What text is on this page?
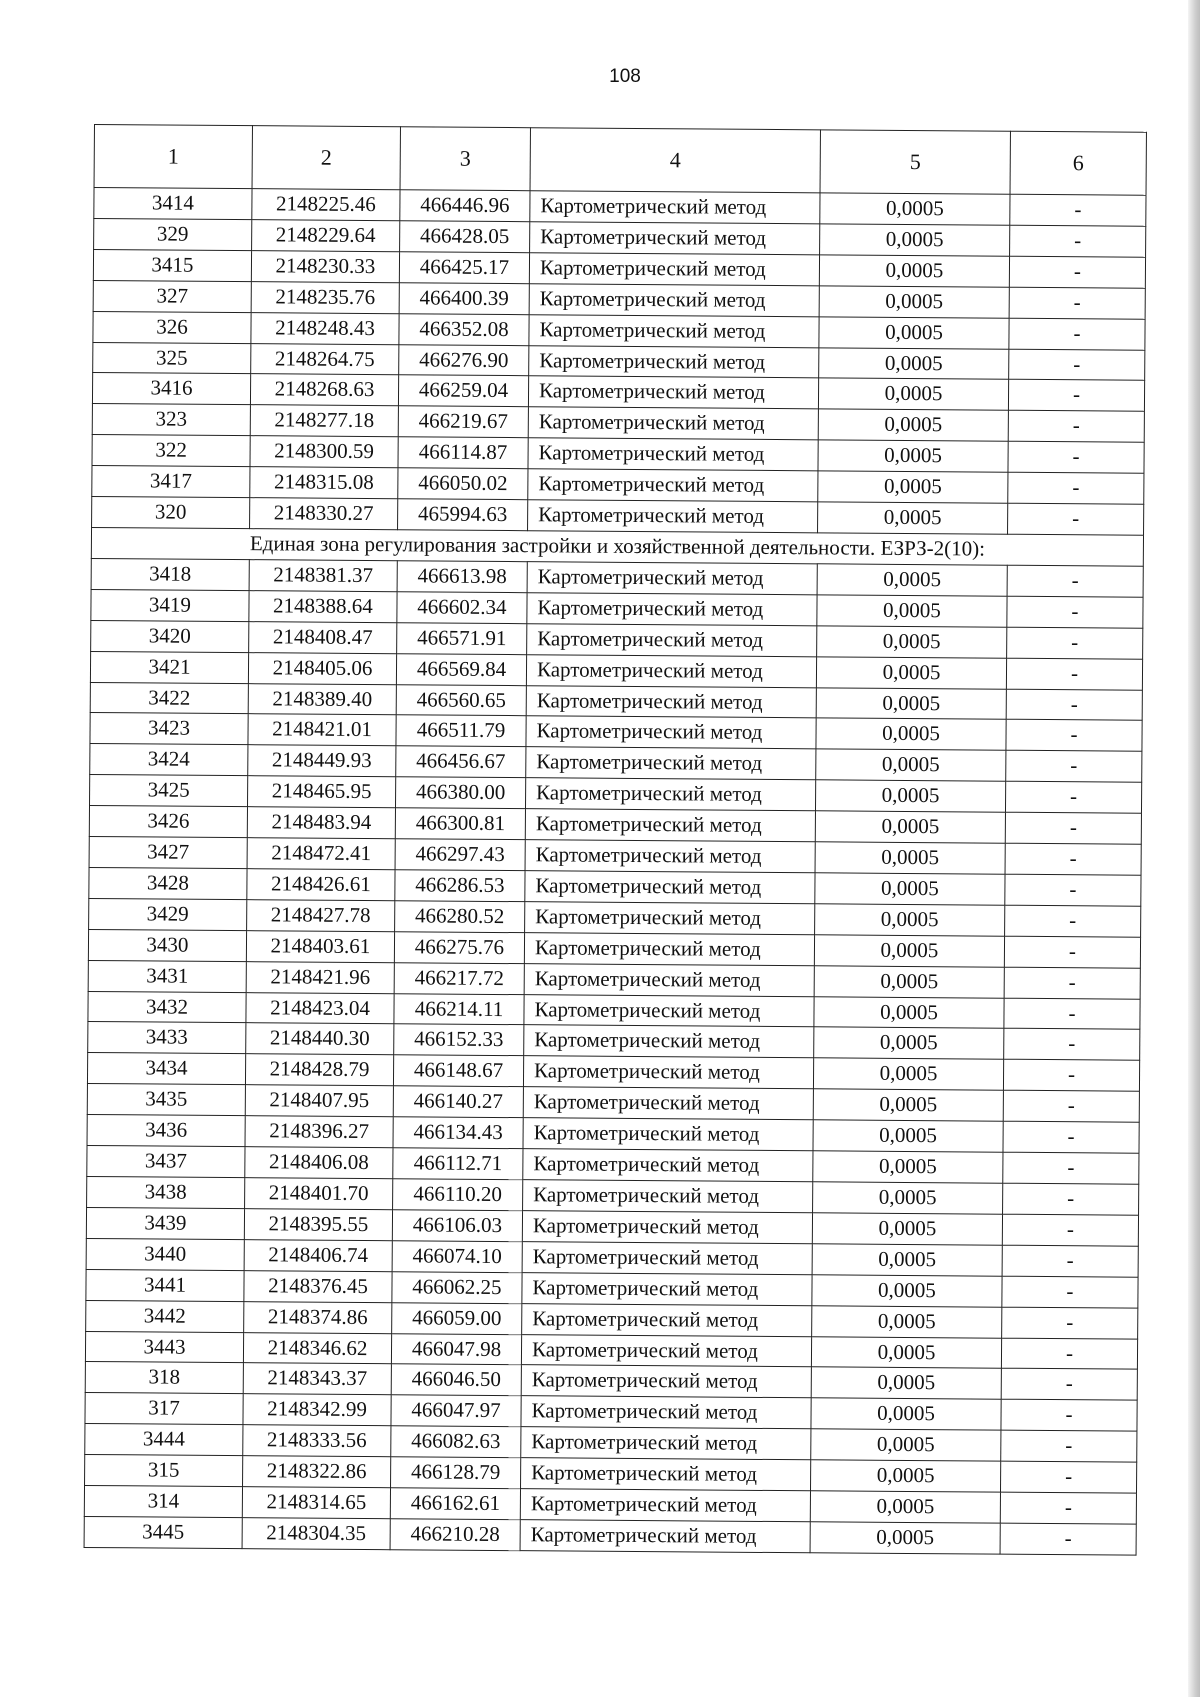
108
1	2	3	4	5	6
3414	2148225.46	466446.96	Картометрический метод	0,0005	-
329	2148229.64	466428.05	Картометрический метод	0,0005	-
3415	2148230.33	466425.17	Картометрический метод	0,0005	-
327	2148235.76	466400.39	Картометрический метод	0,0005	-
326	2148248.43	466352.08	Картометрический метод	0,0005	-
325	2148264.75	466276.90	Картометрический метод	0,0005	-
3416	2148268.63	466259.04	Картометрический метод	0,0005	-
323	2148277.18	466219.67	Картометрический метод	0,0005	-
322	2148300.59	466114.87	Картометрический метод	0,0005	-
3417	2148315.08	466050.02	Картометрический метод	0,0005	-
320	2148330.27	465994.63	Картометрический метод	0,0005	-
Единая зона регулирования застройки и хозяйственной деятельности. ЕЗРЗ-2(10):					
3418	2148381.37	466613.98	Картометрический метод	0,0005	-
3419	2148388.64	466602.34	Картометрический метод	0,0005	-
3420	2148408.47	466571.91	Картометрический метод	0,0005	-
3421	2148405.06	466569.84	Картометрический метод	0,0005	-
3422	2148389.40	466560.65	Картометрический метод	0,0005	-
3423	2148421.01	466511.79	Картометрический метод	0,0005	-
3424	2148449.93	466456.67	Картометрический метод	0,0005	-
3425	2148465.95	466380.00	Картометрический метод	0,0005	-
3426	2148483.94	466300.81	Картометрический метод	0,0005	-
3427	2148472.41	466297.43	Картометрический метод	0,0005	-
3428	2148426.61	466286.53	Картометрический метод	0,0005	-
3429	2148427.78	466280.52	Картометрический метод	0,0005	-
3430	2148403.61	466275.76	Картометрический метод	0,0005	-
3431	2148421.96	466217.72	Картометрический метод	0,0005	-
3432	2148423.04	466214.11	Картометрический метод	0,0005	-
3433	2148440.30	466152.33	Картометрический метод	0,0005	-
3434	2148428.79	466148.67	Картометрический метод	0,0005	-
3435	2148407.95	466140.27	Картометрический метод	0,0005	-
3436	2148396.27	466134.43	Картометрический метод	0,0005	-
3437	2148406.08	466112.71	Картометрический метод	0,0005	-
3438	2148401.70	466110.20	Картометрический метод	0,0005	-
3439	2148395.55	466106.03	Картометрический метод	0,0005	-
3440	2148406.74	466074.10	Картометрический метод	0,0005	-
3441	2148376.45	466062.25	Картометрический метод	0,0005	-
3442	2148374.86	466059.00	Картометрический метод	0,0005	-
3443	2148346.62	466047.98	Картометрический метод	0,0005	-
318	2148343.37	466046.50	Картометрический метод	0,0005	-
317	2148342.99	466047.97	Картометрический метод	0,0005	-
3444	2148333.56	466082.63	Картометрический метод	0,0005	-
315	2148322.86	466128.79	Картометрический метод	0,0005	-
314	2148314.65	466162.61	Картометрический метод	0,0005	-
3445	2148304.35	466210.28	Картометрический метод	0,0005	-
